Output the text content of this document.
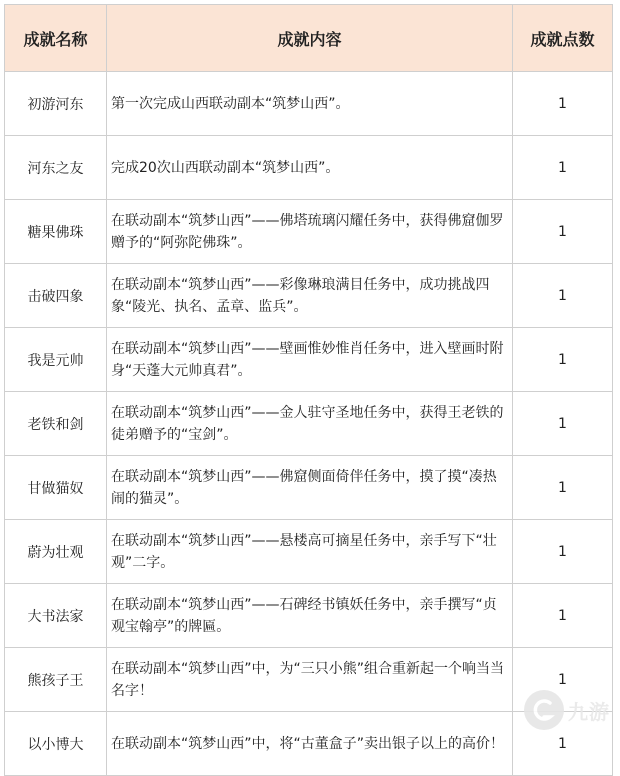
成就名称	成就内容	成就点数
初游河东	第一次完成山西联动副本“筑梦山西”。	1
河东之友	完成20次山西联动副本“筑梦山西”。	1
糖果佛珠	在联动副本“筑梦山西”——佛塔琉璃闪耀任务中，获得佛窟伽罗赠予的“阿弥陀佛珠”。	1
击破四象	在联动副本“筑梦山西”——彩像琳琅满目任务中，成功挑战四象“陵光、执名、孟章、监兵”。	1
我是元帅	在联动副本“筑梦山西”——壁画惟妙惟肖任务中，进入壁画时附身“天蓬大元帅真君”。	1
老铁和剑	在联动副本“筑梦山西”——金人驻守圣地任务中，获得王老铁的徒弟赠予的“宝剑”。	1
甘做猫奴	在联动副本“筑梦山西”——佛窟侧面倚伴任务中，摸了摸“凑热闹的猫灵”。	1
蔚为壮观	在联动副本“筑梦山西”——悬楼高可摘星任务中，亲手写下“壮观”二字。	1
大书法家	在联动副本“筑梦山西”——石碑经书镇妖任务中，亲手撰写“贞观宝翰亭”的牌匾。	1
熊孩子王	在联动副本“筑梦山西”中，为“三只小熊”组合重新起一个响当当名字！	1
以小博大	在联动副本“筑梦山西”中，将“古董盒子”卖出银子以上的高价！	1
九游
